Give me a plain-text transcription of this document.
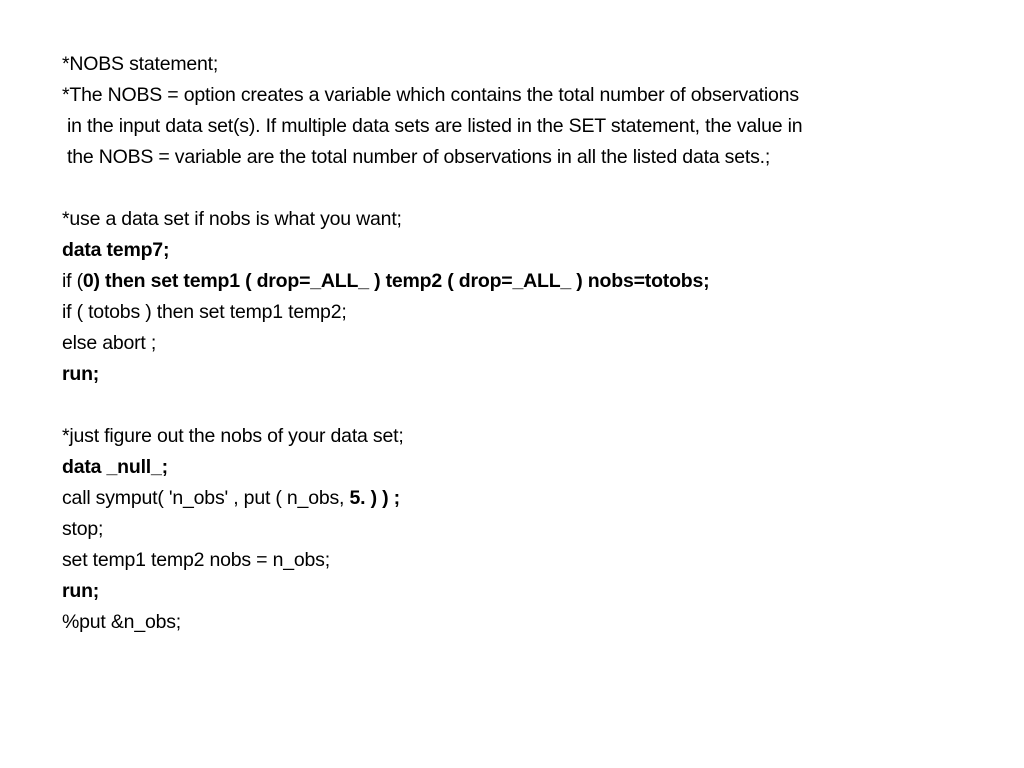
*NOBS statement;
*The NOBS = option creates a variable which contains the total number of observations
in the input data set(s). If multiple data sets are listed in the SET statement, the value in
the NOBS = variable are the total number of observations in all the listed data sets.;
*use a data set if nobs is what you want;
data temp7;
if (0) then set temp1 ( drop=_ALL_ ) temp2 ( drop=_ALL_ ) nobs=totobs;
if ( totobs ) then set temp1 temp2;
else abort ;
run;
*just figure out the nobs of your data set;
data _null_;
call symput( 'n_obs' , put ( n_obs, 5. ) ) ;
stop;
set temp1 temp2 nobs = n_obs;
run;
%put &n_obs;
